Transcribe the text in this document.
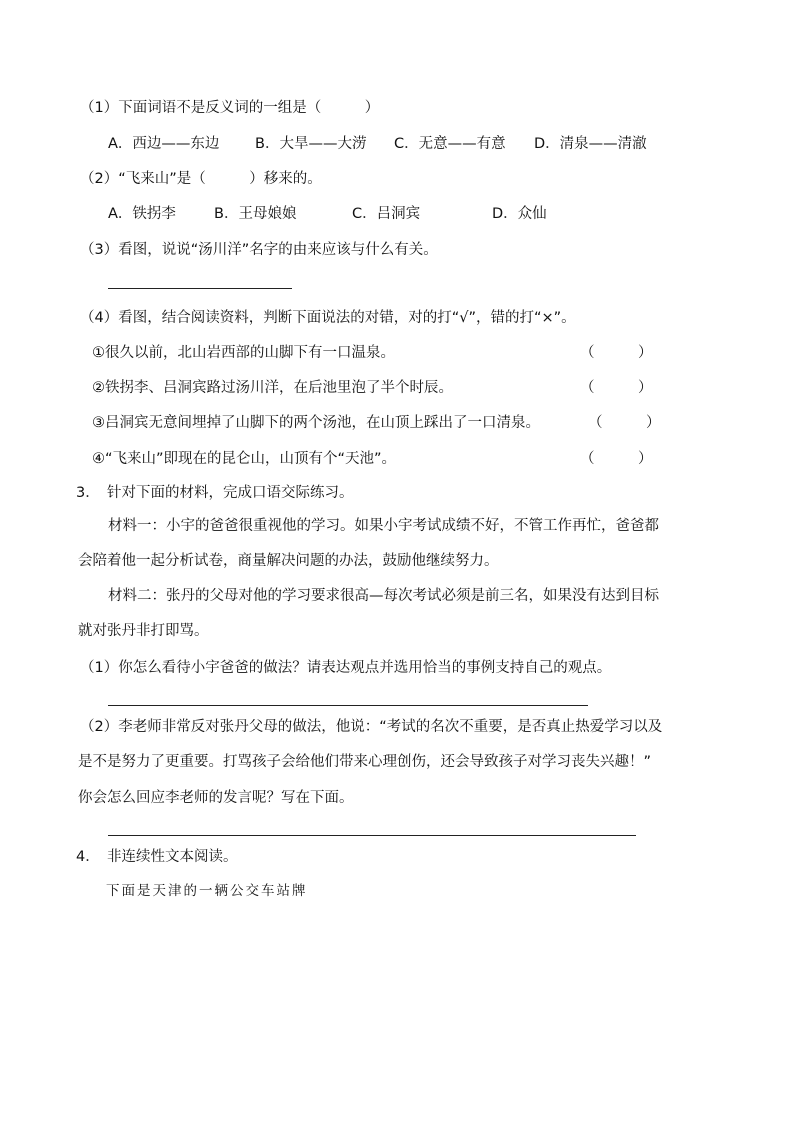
（1）下面词语不是反义词的一组是（　　　）
A．西边——东边 B．大旱——大涝 C．无意——有意 D．清泉——清澈
（2）“飞来山”是（　　　）移来的。
A．铁拐李	B．王母娘娘	C．吕洞宾	D．众仙
（3）看图，说说“汤川洋”名字的由来应该与什么有关。
（4）看图，结合阅读资料，判断下面说法的对错，对的打“√”，错的打“×”。
①很久以前，北山岩西部的山脚下有一口温泉。	（　　　）
②铁拐李、吕洞宾路过汤川洋，在后池里泡了半个时辰。	（　　　）
③吕洞宾无意间埋掉了山脚下的两个汤池，在山顶上踩出了一口清泉。	（　　　）
④“飞来山”即现在的昆仑山，山顶有个“天池”。	（　　　）
3．　针对下面的材料，完成口语交际练习。
材料一：小宇的爸爸很重视他的学习。如果小宇考试成绩不好，不管工作再忙，爸爸都
会陪着他一起分析试卷，商量解决问题的办法，鼓励他继续努力。
材料二：张丹的父母对他的学习要求很高—每次考试必须是前三名，如果没有达到目标
就对张丹非打即骂。
（1）你怎么看待小宇爸爸的做法？请表达观点并选用恰当的事例支持自己的观点。
（2）李老师非常反对张丹父母的做法，他说：“考试的名次不重要，是否真止热爱学习以及
是不是努力了更重要。打骂孩子会给他们带来心理创伤，还会导致孩子对学习丧失兴趣！”
你会怎么回应李老师的发言呢？写在下面。
4．　非连续性文本阅读。
下面是天津的一辆公交车站牌
